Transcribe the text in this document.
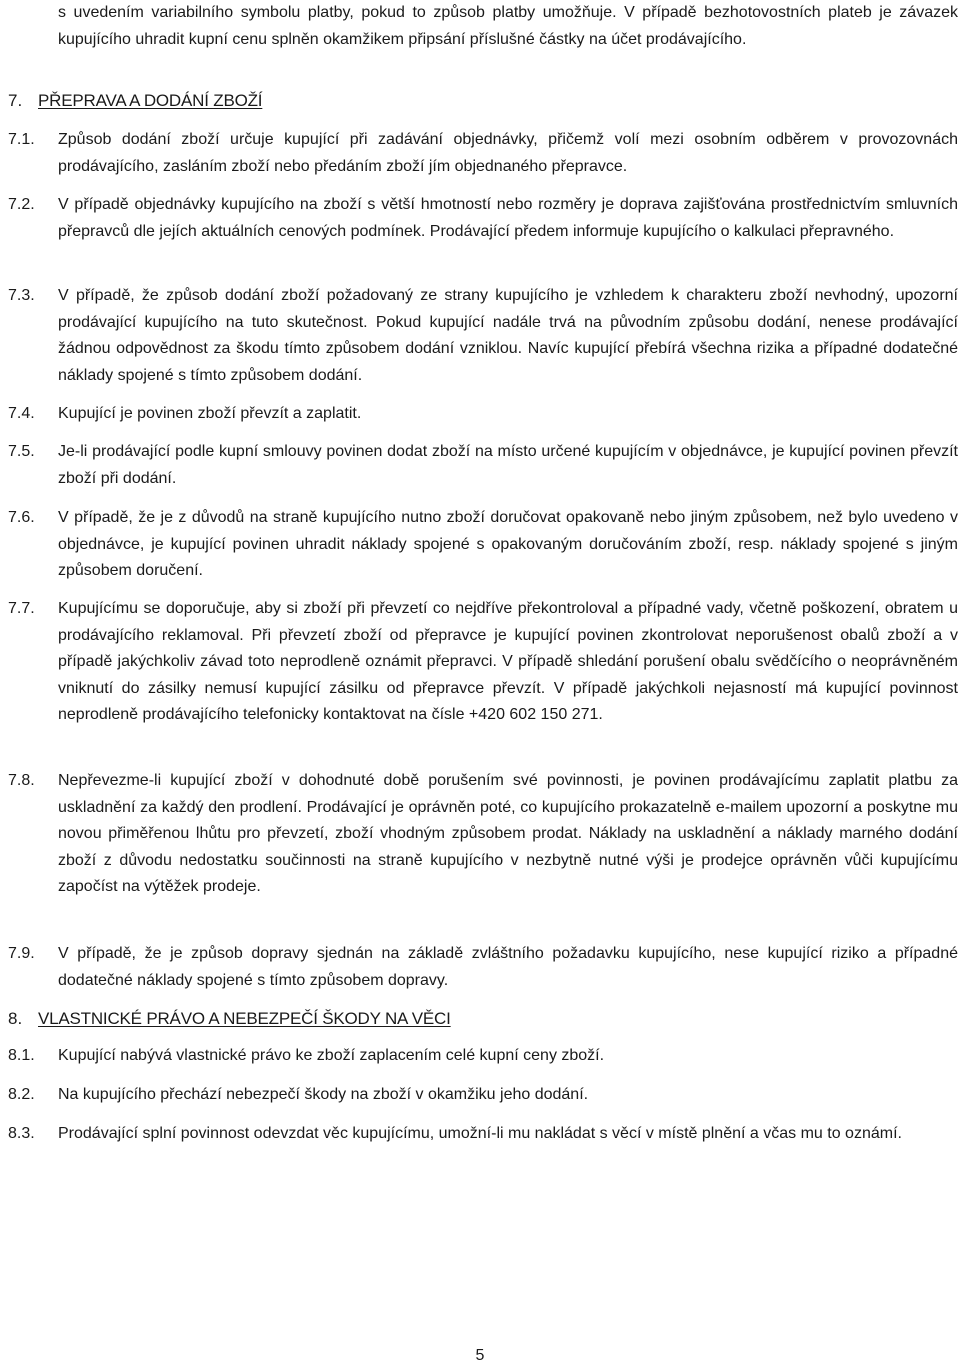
s uvedením variabilního symbolu platby, pokud to způsob platby umožňuje. V případě bezhotovostních plateb je závazek kupujícího uhradit kupní cenu splněn okamžikem připsání příslušné částky na účet prodávajícího.

7. PŘEPRAVA A DODÁNÍ ZBOŽÍ
7.1. Způsob dodání zboží určuje kupující při zadávání objednávky, přičemž volí mezi osobním odběrem v provozovnách prodávajícího, zasláním zboží nebo předáním zboží jím objednaného přepravce.

7.2. V případě objednávky kupujícího na zboží s větší hmotností nebo rozměry je doprava zajišťována prostřednictvím smluvních přepravců dle jejích aktuálních cenových podmínek. Prodávající předem informuje kupujícího o kalkulaci přepravného.

7.3. V případě, že způsob dodání zboží požadovaný ze strany kupujícího je vzhledem k charakteru zboží nevhodný, upozorní prodávající kupujícího na tuto skutečnost. Pokud kupující nadále trvá na původním způsobu dodání, nenese prodávající žádnou odpovědnost za škodu tímto způsobem dodání vzniklou. Navíc kupující přebírá všechna rizika a případné dodatečné náklady spojené s tímto způsobem dodání.

7.4. Kupující je povinen zboží převzít a zaplatit.

7.5. Je-li prodávající podle kupní smlouvy povinen dodat zboží na místo určené kupujícím v objednávce, je kupující povinen převzít zboží při dodání.

7.6. V případě, že je z důvodů na straně kupujícího nutno zboží doručovat opakovaně nebo jiným způsobem, než bylo uvedeno v objednávce, je kupující povinen uhradit náklady spojené s opakovaným doručováním zboží, resp. náklady spojené s jiným způsobem doručení.

7.7. Kupujícímu se doporučuje, aby si zboží při převzetí co nejdříve překontroloval a případné vady, včetně poškození, obratem u prodávajícího reklamoval. Při převzetí zboží od přepravce je kupující povinen zkontrolovat neporušenost obalů zboží a v případě jakýchkoliv závad toto neprodleně oznámit přepravci. V případě shledání porušení obalu svědčícího o neoprávněném vniknutí do zásilky nemusí kupující zásilku od přepravce převzít. V případě jakýchkoli nejasností má kupující povinnost neprodleně prodávajícího telefonicky kontaktovat na čísle +420 602 150 271.

7.8. Nepřevezme-li kupující zboží v dohodnuté době porušením své povinnosti, je povinen prodávajícímu zaplatit platbu za uskladnění za každý den prodlení. Prodávající je oprávněn poté, co kupujícího prokazatelně e-mailem upozorní a poskytne mu novou přiměřenou lhůtu pro převzetí, zboží vhodným způsobem prodat. Náklady na uskladnění a náklady marného dodání zboží z důvodu nedostatku součinnosti na straně kupujícího v nezbytně nutné výši je prodejce oprávněn vůči kupujícímu započíst na výtěžek prodeje.

7.9. V případě, že je způsob dopravy sjednán na základě zvláštního požadavku kupujícího, nese kupující riziko a případné dodatečné náklady spojené s tímto způsobem dopravy.

8. VLASTNICKÉ PRÁVO A NEBEZPEČÍ ŠKODY NA VĚCI
8.1. Kupující nabývá vlastnické právo ke zboží zaplacením celé kupní ceny zboží.

8.2. Na kupujícího přechází nebezpečí škody na zboží v okamžiku jeho dodání.

8.3. Prodávající splní povinnost odevzdat věc kupujícímu, umožní-li mu nakládat s věcí v místě plnění a včas mu to oznámí.

5
